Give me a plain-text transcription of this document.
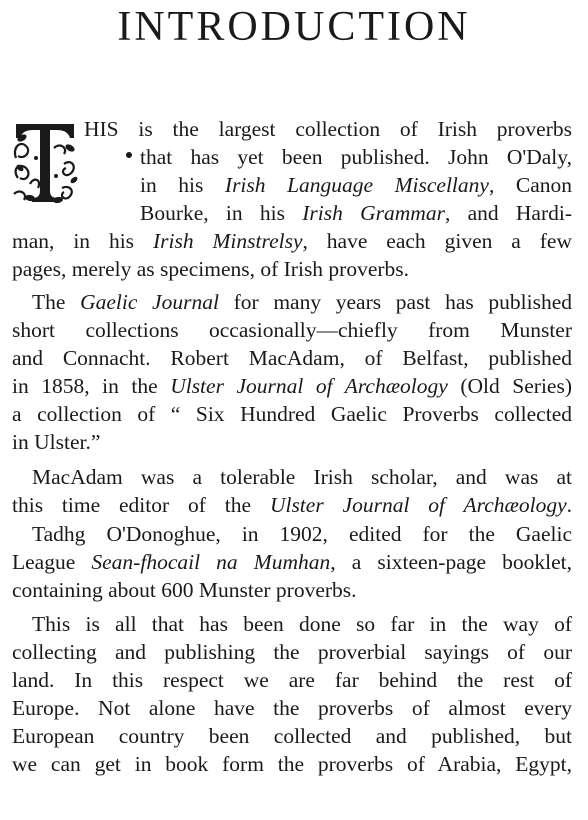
INTRODUCTION
HIS is the largest collection of Irish proverbs
that has yet been published. John O'Daly,
in his Irish Language Miscellany, Canon
Bourke, in his Irish Grammar, and Hardi-
man, in his Irish Minstrelsy, have each given a few
pages, merely as specimens, of Irish proverbs.
The Gaelic Journal for many years past has published
short collections occasionally—chiefly from Munster
and Connacht. Robert MacAdam, of Belfast, published
in 1858, in the Ulster Journal of Archæology (Old Series)
a collection of “ Six Hundred Gaelic Proverbs collected
in Ulster.”
MacAdam was a tolerable Irish scholar, and was at
this time editor of the Ulster Journal of Archæology.
Tadhg O'Donoghue, in 1902, edited for the Gaelic
League Sean-fhocail na Mumhan, a sixteen-page booklet,
containing about 600 Munster proverbs.
This is all that has been done so far in the way of
collecting and publishing the proverbial sayings of our
land. In this respect we are far behind the rest of
Europe. Not alone have the proverbs of almost every
European country been collected and published, but
we can get in book form the proverbs of Arabia, Egypt,
